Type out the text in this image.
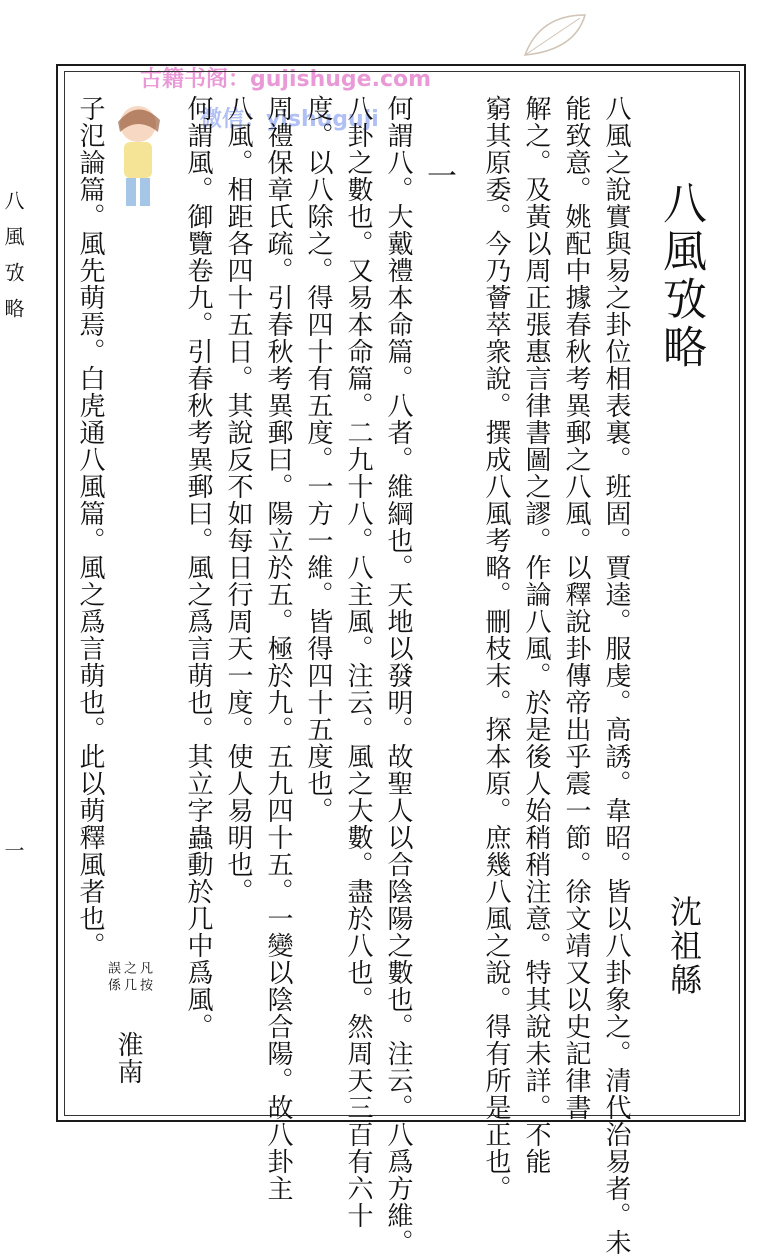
古籍书阁：gujishuge.com
微信：yishuguji
八風攷略
一
八風攷略
沈祖緜
八風之說實與易之卦位相表裏。班固。賈逵。服虔。高誘。韋昭。皆以八卦象之。清代治易者。未
能致意。姚配中據春秋考異郵之八風。以釋說卦傳帝出乎震一節。徐文靖又以史記律書
解之。及黃以周正張惠言律書圖之謬。作論八風。於是後人始稍稍注意。特其說未詳。不能
窮其原委。今乃薈萃衆說。撰成八風考略。刪枝末。探本原。庶幾八風之說。得有所是正也。
一
何謂八。大戴禮本命篇。八者。維綱也。天地以發明。故聖人以合陰陽之數也。注云。八爲方維。
八卦之數也。又易本命篇。二九十八。八主風。注云。風之大數。盡於八也。然周天三百有六十
度。以八除之。得四十有五度。一方一維。皆得四十五度也。
周禮保章氏疏。引春秋考異郵曰。陽立於五。極於九。五九四十五。一變以陰合陽。故八卦主
八風。相距各四十五日。其說反不如每日行周天一度。使人易明也。
何謂風。御覽卷九。引春秋考異郵曰。風之爲言萌也。其立字蟲動於几中爲風。
凡按
之几
誤係
淮南
子氾論篇。風先萌焉。白虎通八風篇。風之爲言萌也。此以萌釋風者也。
